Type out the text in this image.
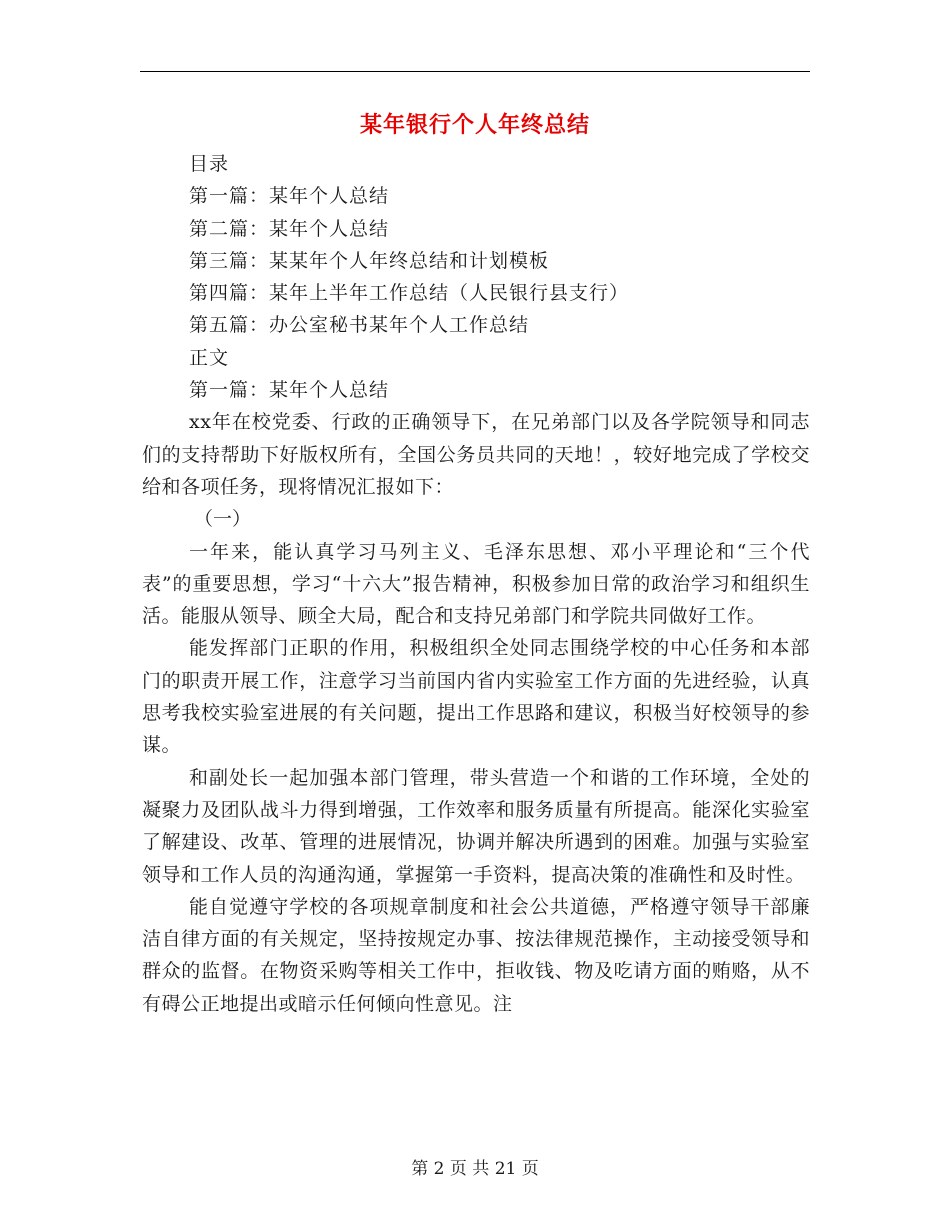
某年银行个人年终总结
目录
第一篇：某年个人总结
第二篇：某年个人总结
第三篇：某某年个人年终总结和计划模板
第四篇：某年上半年工作总结（人民银行县支行）
第五篇：办公室秘书某年个人工作总结
正文
第一篇：某年个人总结

xx年在校党委、行政的正确领导下，在兄弟部门以及各学院领导和同志们的支持帮助下好版权所有，全国公务员共同的天地！，较好地完成了学校交给和各项任务，现将情况汇报如下：

（一）

一年来，能认真学习马列主义、毛泽东思想、邓小平理论和“三个代表”的重要思想，学习“十六大”报告精神，积极参加日常的政治学习和组织生活。能服从领导、顾全大局，配合和支持兄弟部门和学院共同做好工作。

能发挥部门正职的作用，积极组织全处同志围绕学校的中心任务和本部门的职责开展工作，注意学习当前国内省内实验室工作方面的先进经验，认真思考我校实验室进展的有关问题，提出工作思路和建议，积极当好校领导的参谋。

和副处长一起加强本部门管理，带头营造一个和谐的工作环境，全处的凝聚力及团队战斗力得到增强，工作效率和服务质量有所提高。能深化实验室了解建设、改革、管理的进展情况，协调并解决所遇到的困难。加强与实验室领导和工作人员的沟通沟通，掌握第一手资料，提高决策的准确性和及时性。

能自觉遵守学校的各项规章制度和社会公共道德，严格遵守领导干部廉洁自律方面的有关规定，坚持按规定办事、按法律规范操作，主动接受领导和群众的监督。在物资采购等相关工作中，拒收钱、物及吃请方面的贿赂，从不有碍公正地提出或暗示任何倾向性意见。注

第 2 页 共 21 页
